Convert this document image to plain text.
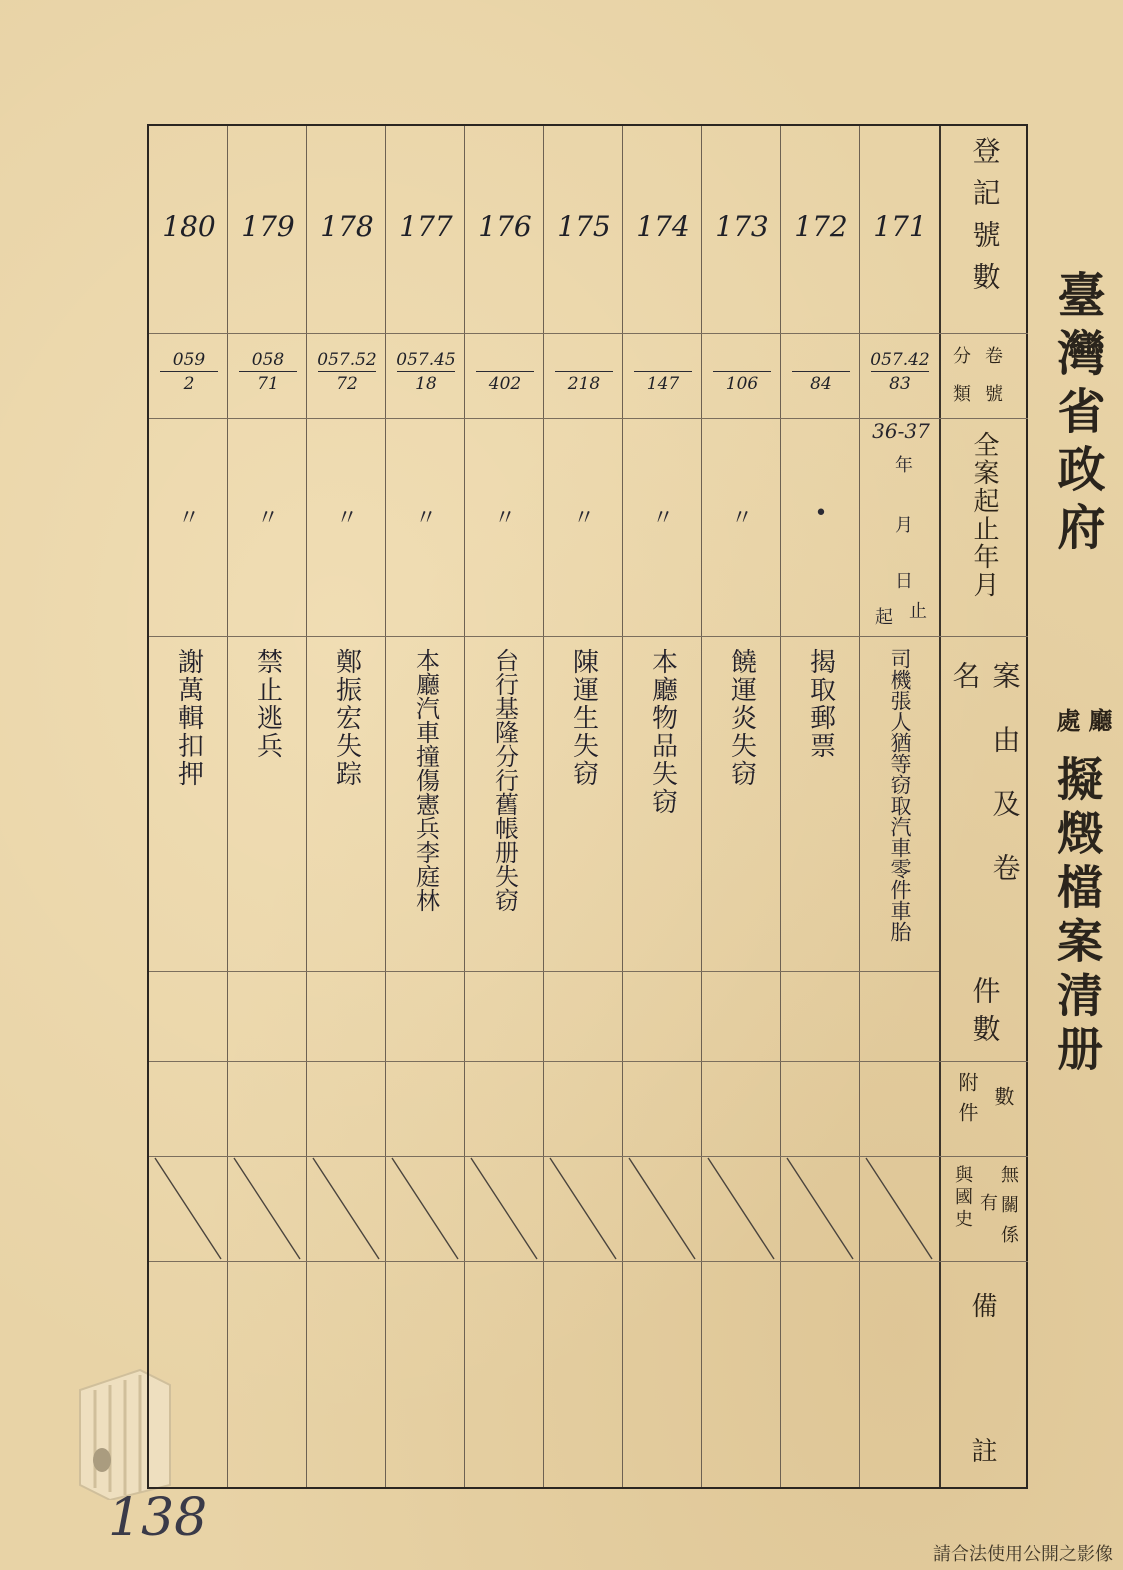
臺灣省政府
廳
處
擬燬檔案清册
登記號數
卷
號
分
類
全案起止年月
案由及卷名
件數
數
附件
無關係
有
與國史
備
註
171
172
173
174
175
176
177
178
179
180
057.42
83
84
106
147
218
402
057.45
18
057.52
72
058
71
059
2
36-37
年
月
日
起 止
•
〃
〃
〃
〃
〃
〃
〃
〃
司機張人猶等窃取汽車零件車胎
揭取郵票
饒運炎失窃
本廳物品失窃
陳運生失窃
台行基隆分行舊帳册失窃
本廳汽車撞傷憲兵李庭林
鄭振宏失踪
禁止逃兵
謝萬輯扣押
138
請合法使用公開之影像
